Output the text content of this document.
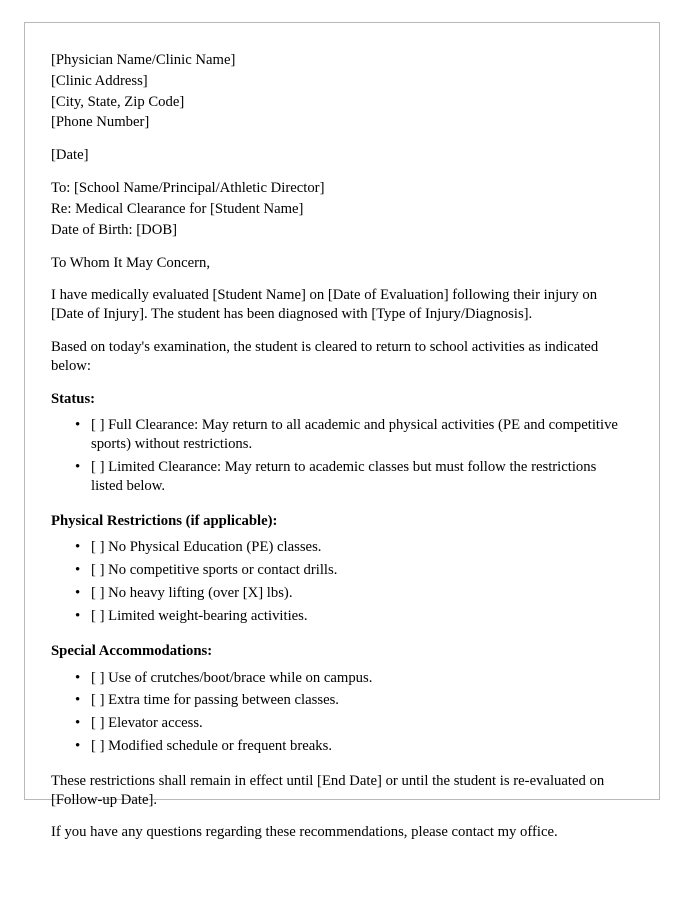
[Physician Name/Clinic Name]
[Clinic Address]
[City, State, Zip Code]
[Phone Number]
[Date]
To: [School Name/Principal/Athletic Director]
Re: Medical Clearance for [Student Name]
Date of Birth: [DOB]
To Whom It May Concern,
I have medically evaluated [Student Name] on [Date of Evaluation] following their injury on [Date of Injury]. The student has been diagnosed with [Type of Injury/Diagnosis].
Based on today's examination, the student is cleared to return to school activities as indicated below:
Status:
• [ ] Full Clearance: May return to all academic and physical activities (PE and competitive sports) without restrictions.
• [ ] Limited Clearance: May return to academic classes but must follow the restrictions listed below.
Physical Restrictions (if applicable):
• [ ] No Physical Education (PE) classes.
• [ ] No competitive sports or contact drills.
• [ ] No heavy lifting (over [X] lbs).
• [ ] Limited weight-bearing activities.
Special Accommodations:
• [ ] Use of crutches/boot/brace while on campus.
• [ ] Extra time for passing between classes.
• [ ] Elevator access.
• [ ] Modified schedule or frequent breaks.
These restrictions shall remain in effect until [End Date] or until the student is re-evaluated on [Follow-up Date].
If you have any questions regarding these recommendations, please contact my office.
